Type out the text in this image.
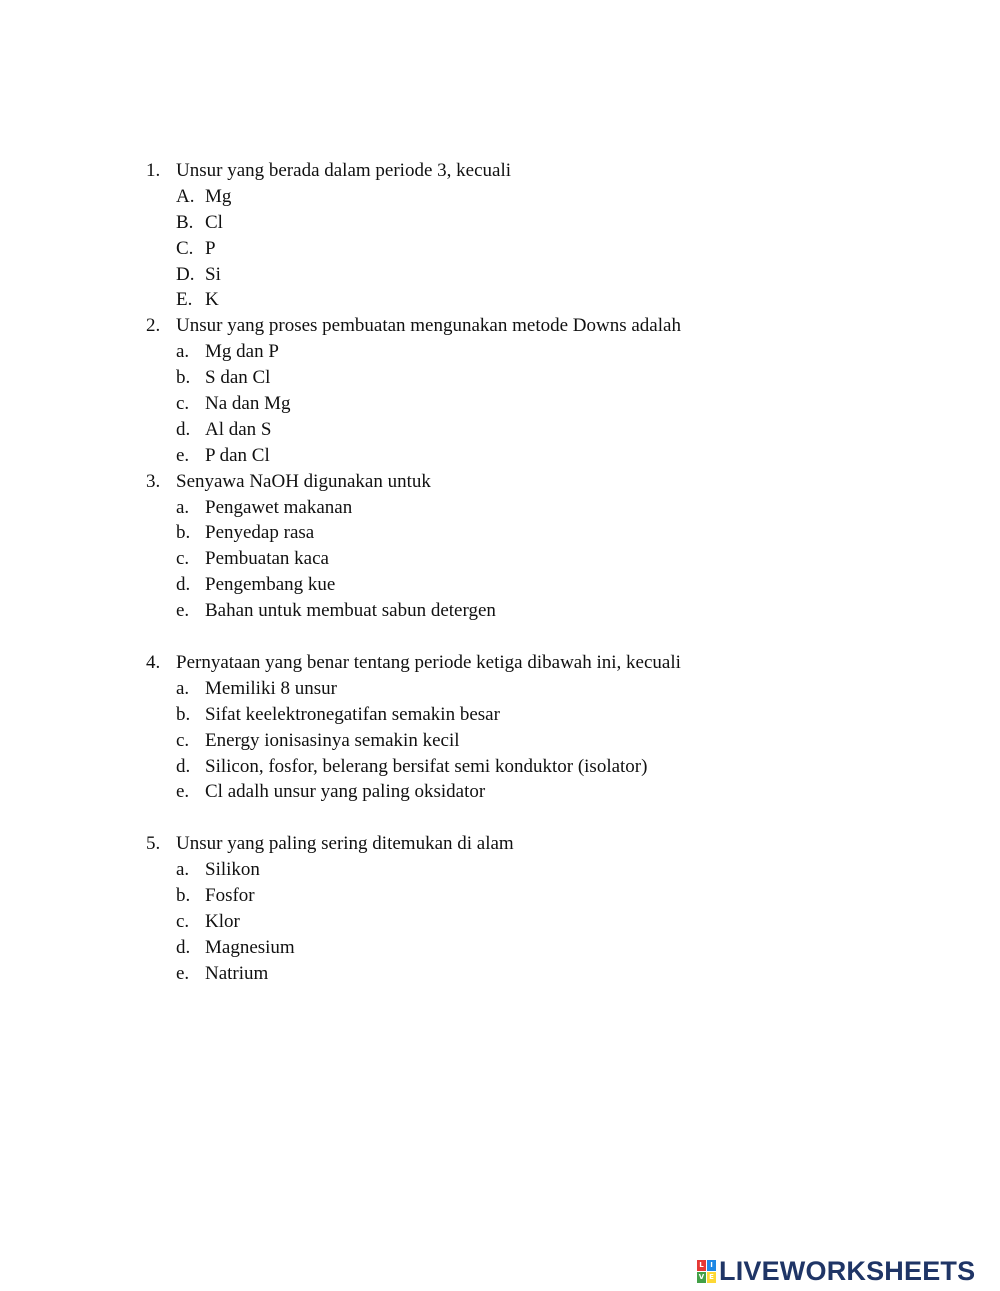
1. Unsur yang berada dalam periode 3, kecuali
A. Mg
B. Cl
C. P
D. Si
E. K
2. Unsur yang proses pembuatan mengunakan metode Downs adalah
a. Mg dan P
b. S dan Cl
c. Na dan Mg
d. Al dan S
e. P dan Cl
3. Senyawa NaOH digunakan untuk
a. Pengawet makanan
b. Penyedap rasa
c. Pembuatan kaca
d. Pengembang kue
e. Bahan untuk membuat sabun detergen
4. Pernyataan yang benar tentang periode ketiga dibawah ini, kecuali
a. Memiliki 8 unsur
b. Sifat keelektronegatifan semakin besar
c. Energy ionisasinya semakin kecil
d. Silicon, fosfor, belerang bersifat semi konduktor (isolator)
e. Cl adalh unsur yang paling oksidator
5. Unsur yang paling sering ditemukan di alam
a. Silikon
b. Fosfor
c. Klor
d. Magnesium
e. Natrium
L I
V E LIVEWORKSHEETS
